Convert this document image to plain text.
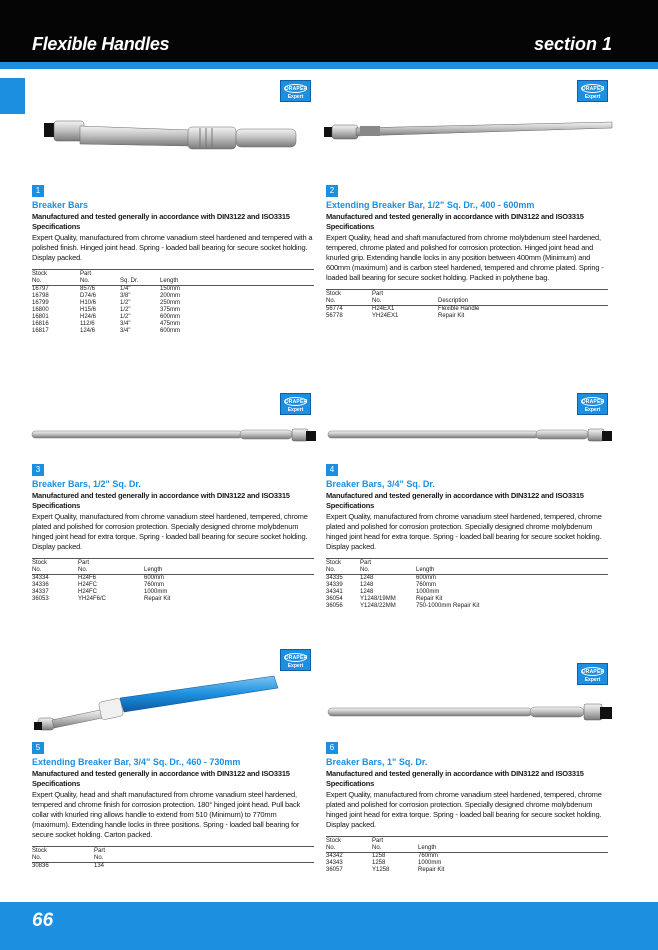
Flexible Handles	section 1
DRAPER
Expert
DRAPER
Expert
DRAPER
Expert
DRAPER
Expert
DRAPER
Expert
DRAPER
Expert
1
Breaker Bars
Manufactured and tested generally in accordance with DIN3122 and ISO3315 Specifications
Expert Quality, manufactured from chrome vanadium steel hardened and tempered with a polished finish. Hinged joint head. Spring - loaded ball bearing for secure socket holding. Display packed.
Stock
No.	Part
No.	Sq. Dr.	Length
16797	857/6	1/4"	150mm
16798	D74/6	3/8"	200mm
16799	H10/6	1/2"	250mm
16800	H15/6	1/2"	375mm
16801	H24/6	1/2"	600mm
16816	112/6	3/4"	475mm
16817	124/6	3/4"	600mm
2
Extending Breaker Bar, 1/2" Sq. Dr., 400 - 600mm
Manufactured and tested generally in accordance with DIN3122 and ISO3315 Specifications
Expert Quality, head and shaft manufactured from chrome molybdenum steel hardened, tempered, chrome plated and polished for corrosion protection. Hinged joint head and knurled grip. Extending handle locks in any position between 400mm (Minimum) and 600mm (maximum) and is carbon steel hardened, tempered and chrome plated. Spring - loaded ball bearing for secure socket holding. Packed in polythene bag.
Stock
No.	Part
No.	Description
56774	H24EX1	Flexible Handle
56778	YH24EX1	Repair Kit
3
Breaker Bars, 1/2" Sq. Dr.
Manufactured and tested generally in accordance with DIN3122 and ISO3315 Specifications
Expert Quality, manufactured from chrome vanadium steel hardened, tempered, chrome plated and polished for corrosion protection. Specially designed chrome molybdenum hinged joint head for extra torque. Spring - loaded ball bearing for secure socket holding. Display packed.
Stock
No.	Part
No.	Length
34334	H24F6	600mm
34336	H24FC	760mm
34337	H24FC	1000mm
36053	YH24F6/C	Repair Kit
4
Breaker Bars, 3/4" Sq. Dr.
Manufactured and tested generally in accordance with DIN3122 and ISO3315 Specifications
Expert Quality, manufactured from chrome vanadium steel hardened, tempered, chrome plated and polished for corrosion protection. Specially designed chrome molybdenum hinged joint head for extra torque. Spring - loaded ball bearing for secure socket holding. Display packed.
Stock
No.	Part
No.	Length
34335	1248	600mm
34339	1248	760mm
34341	1248	1000mm
36054	Y1248/19MM	Repair Kit
36056	Y1248/22MM	750-1000mm Repair Kit
5
Extending Breaker Bar, 3/4" Sq. Dr., 460 - 730mm
Manufactured and tested generally in accordance with DIN3122 and ISO3315 Specifications
Expert Quality, head and shaft manufactured from chrome vanadium steel hardened, tempered and chrome finish for corrosion protection. 180° hinged joint head. Pull back collar with knurled ring allows handle to extend from 510 (Minimum) to 770mm (maximum). Extending handle locks in three positions. Spring - loaded ball bearing for secure socket holding. Carton packed.
Stock
No.	Part
No.
30836	134
6
Breaker Bars, 1" Sq. Dr.
Manufactured and tested generally in accordance with DIN3122 and ISO3315 Specifications
Expert Quality, manufactured from chrome vanadium steel hardened, tempered, chrome plated and polished for corrosion protection. Specially designed chrome molybdenum hinged joint head for extra torque. Spring - loaded ball bearing for secure socket holding. Display packed.
Stock
No.	Part
No.	Length
34342	1258	760mm
34343	1258	1000mm
36057	Y1258	Repair Kit
66
